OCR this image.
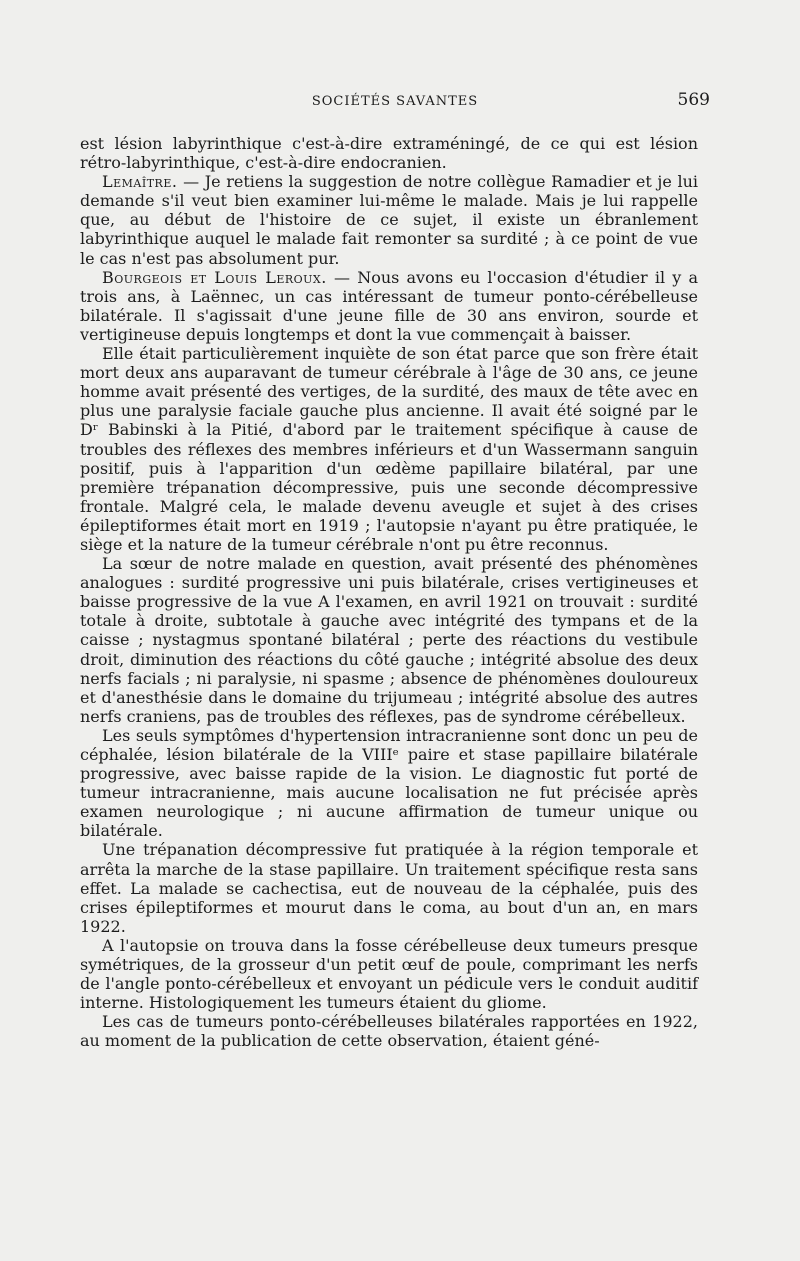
SOCIÉTÉS SAVANTES	569

est lésion labyrinthique c'est-à-dire extraméningé, de ce qui est lésion rétro-labyrinthique, c'est-à-dire endocranien.

Lemaître. — Je retiens la suggestion de notre collègue Ramadier et je lui demande s'il veut bien examiner lui-même le malade. Mais je lui rappelle que, au début de l'histoire de ce sujet, il existe un ébranlement labyrinthique auquel le malade fait remonter sa surdité ; à ce point de vue le cas n'est pas absolument pur.

Bourgeois et Louis Leroux. — Nous avons eu l'occasion d'étudier il y a trois ans, à Laënnec, un cas intéressant de tumeur ponto-cérébelleuse bilatérale. Il s'agissait d'une jeune fille de 30 ans environ, sourde et vertigineuse depuis longtemps et dont la vue commençait à baisser.

Elle était particulièrement inquiète de son état parce que son frère était mort deux ans auparavant de tumeur cérébrale à l'âge de 30 ans, ce jeune homme avait présenté des vertiges, de la surdité, des maux de tête avec en plus une paralysie faciale gauche plus ancienne. Il avait été soigné par le Dʳ Babinski à la Pitié, d'abord par le traitement spécifique à cause de troubles des réflexes des membres inférieurs et d'un Wassermann sanguin positif, puis à l'apparition d'un œdème papillaire bilatéral, par une première trépanation décompressive, puis une seconde décompressive frontale. Malgré cela, le malade devenu aveugle et sujet à des crises épileptiformes était mort en 1919 ; l'autopsie n'ayant pu être pratiquée, le siège et la nature de la tumeur cérébrale n'ont pu être reconnus.

La sœur de notre malade en question, avait présenté des phénomènes analogues : surdité progressive uni puis bilatérale, crises vertigineuses et baisse progressive de la vue A l'examen, en avril 1921 on trouvait : surdité totale à droite, subtotale à gauche avec intégrité des tympans et de la caisse ; nystagmus spontané bilatéral ; perte des réactions du vestibule droit, diminution des réactions du côté gauche ; intégrité absolue des deux nerfs facials ; ni paralysie, ni spasme ; absence de phénomènes douloureux et d'anesthésie dans le domaine du trijumeau ; intégrité absolue des autres nerfs craniens, pas de troubles des réflexes, pas de syndrome cérébelleux.

Les seuls symptômes d'hypertension intracranienne sont donc un peu de céphalée, lésion bilatérale de la VIIIᵉ paire et stase papillaire bilatérale progressive, avec baisse rapide de la vision. Le diagnostic fut porté de tumeur intracranienne, mais aucune localisation ne fut précisée après examen neurologique ; ni aucune affirmation de tumeur unique ou bilatérale.

Une trépanation décompressive fut pratiquée à la région temporale et arrêta la marche de la stase papillaire. Un traitement spécifique resta sans effet. La malade se cachectisa, eut de nouveau de la céphalée, puis des crises épileptiformes et mourut dans le coma, au bout d'un an, en mars 1922.

A l'autopsie on trouva dans la fosse cérébelleuse deux tumeurs presque symétriques, de la grosseur d'un petit œuf de poule, comprimant les nerfs de l'angle ponto-cérébelleux et envoyant un pédicule vers le conduit auditif interne. Histologiquement les tumeurs étaient du gliome.

Les cas de tumeurs ponto-cérébelleuses bilatérales rapportées en 1922, au moment de la publication de cette observation, étaient géné-
